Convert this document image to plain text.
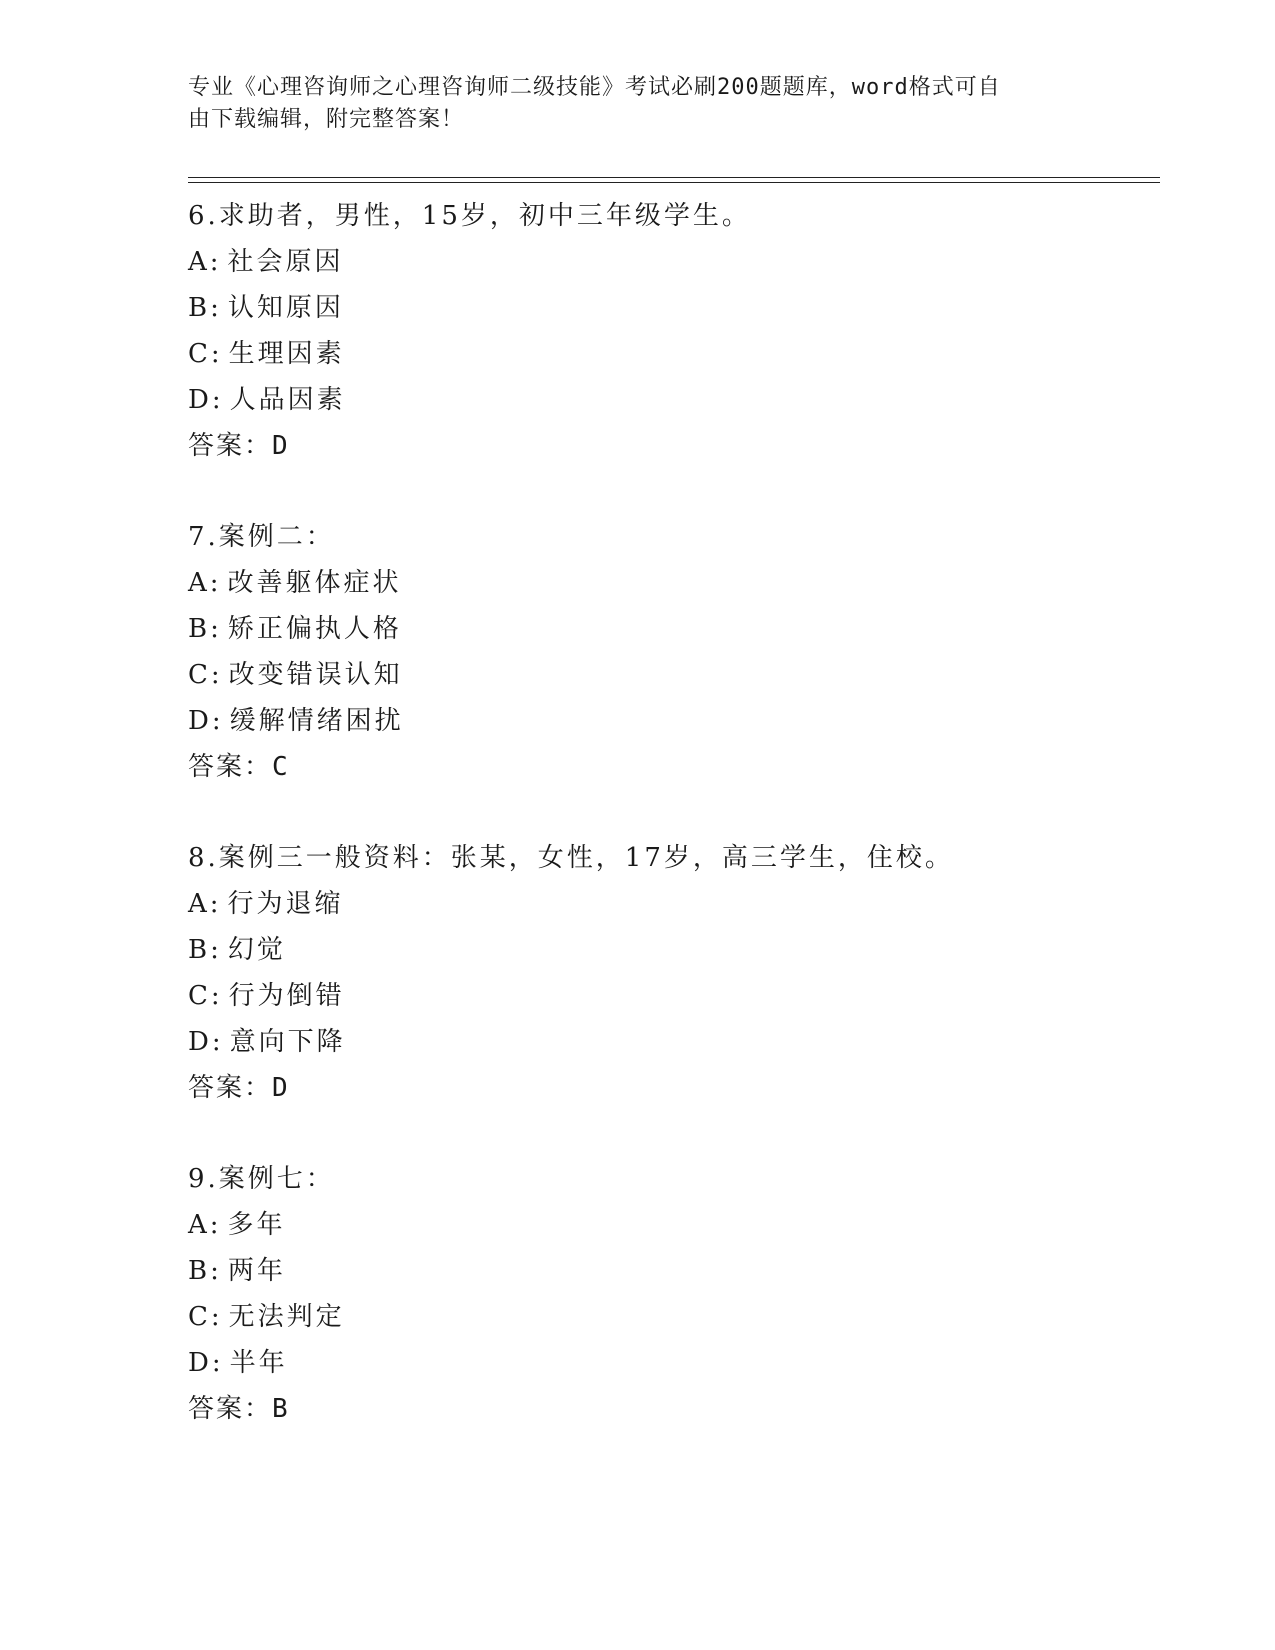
专业《心理咨询师之心理咨询师二级技能》考试必刷200题题库，word格式可自
由下载编辑，附完整答案！
6.求助者，男性，15岁，初中三年级学生。
A: 社会原因
B: 认知原因
C: 生理因素
D: 人品因素
答案：D
7.案例二：
A: 改善躯体症状
B: 矫正偏执人格
C: 改变错误认知
D: 缓解情绪困扰
答案：C
8.案例三一般资料：张某，女性，17岁，高三学生，住校。
A: 行为退缩
B: 幻觉
C: 行为倒错
D: 意向下降
答案：D
9.案例七：
A: 多年
B: 两年
C: 无法判定
D: 半年
答案：B
